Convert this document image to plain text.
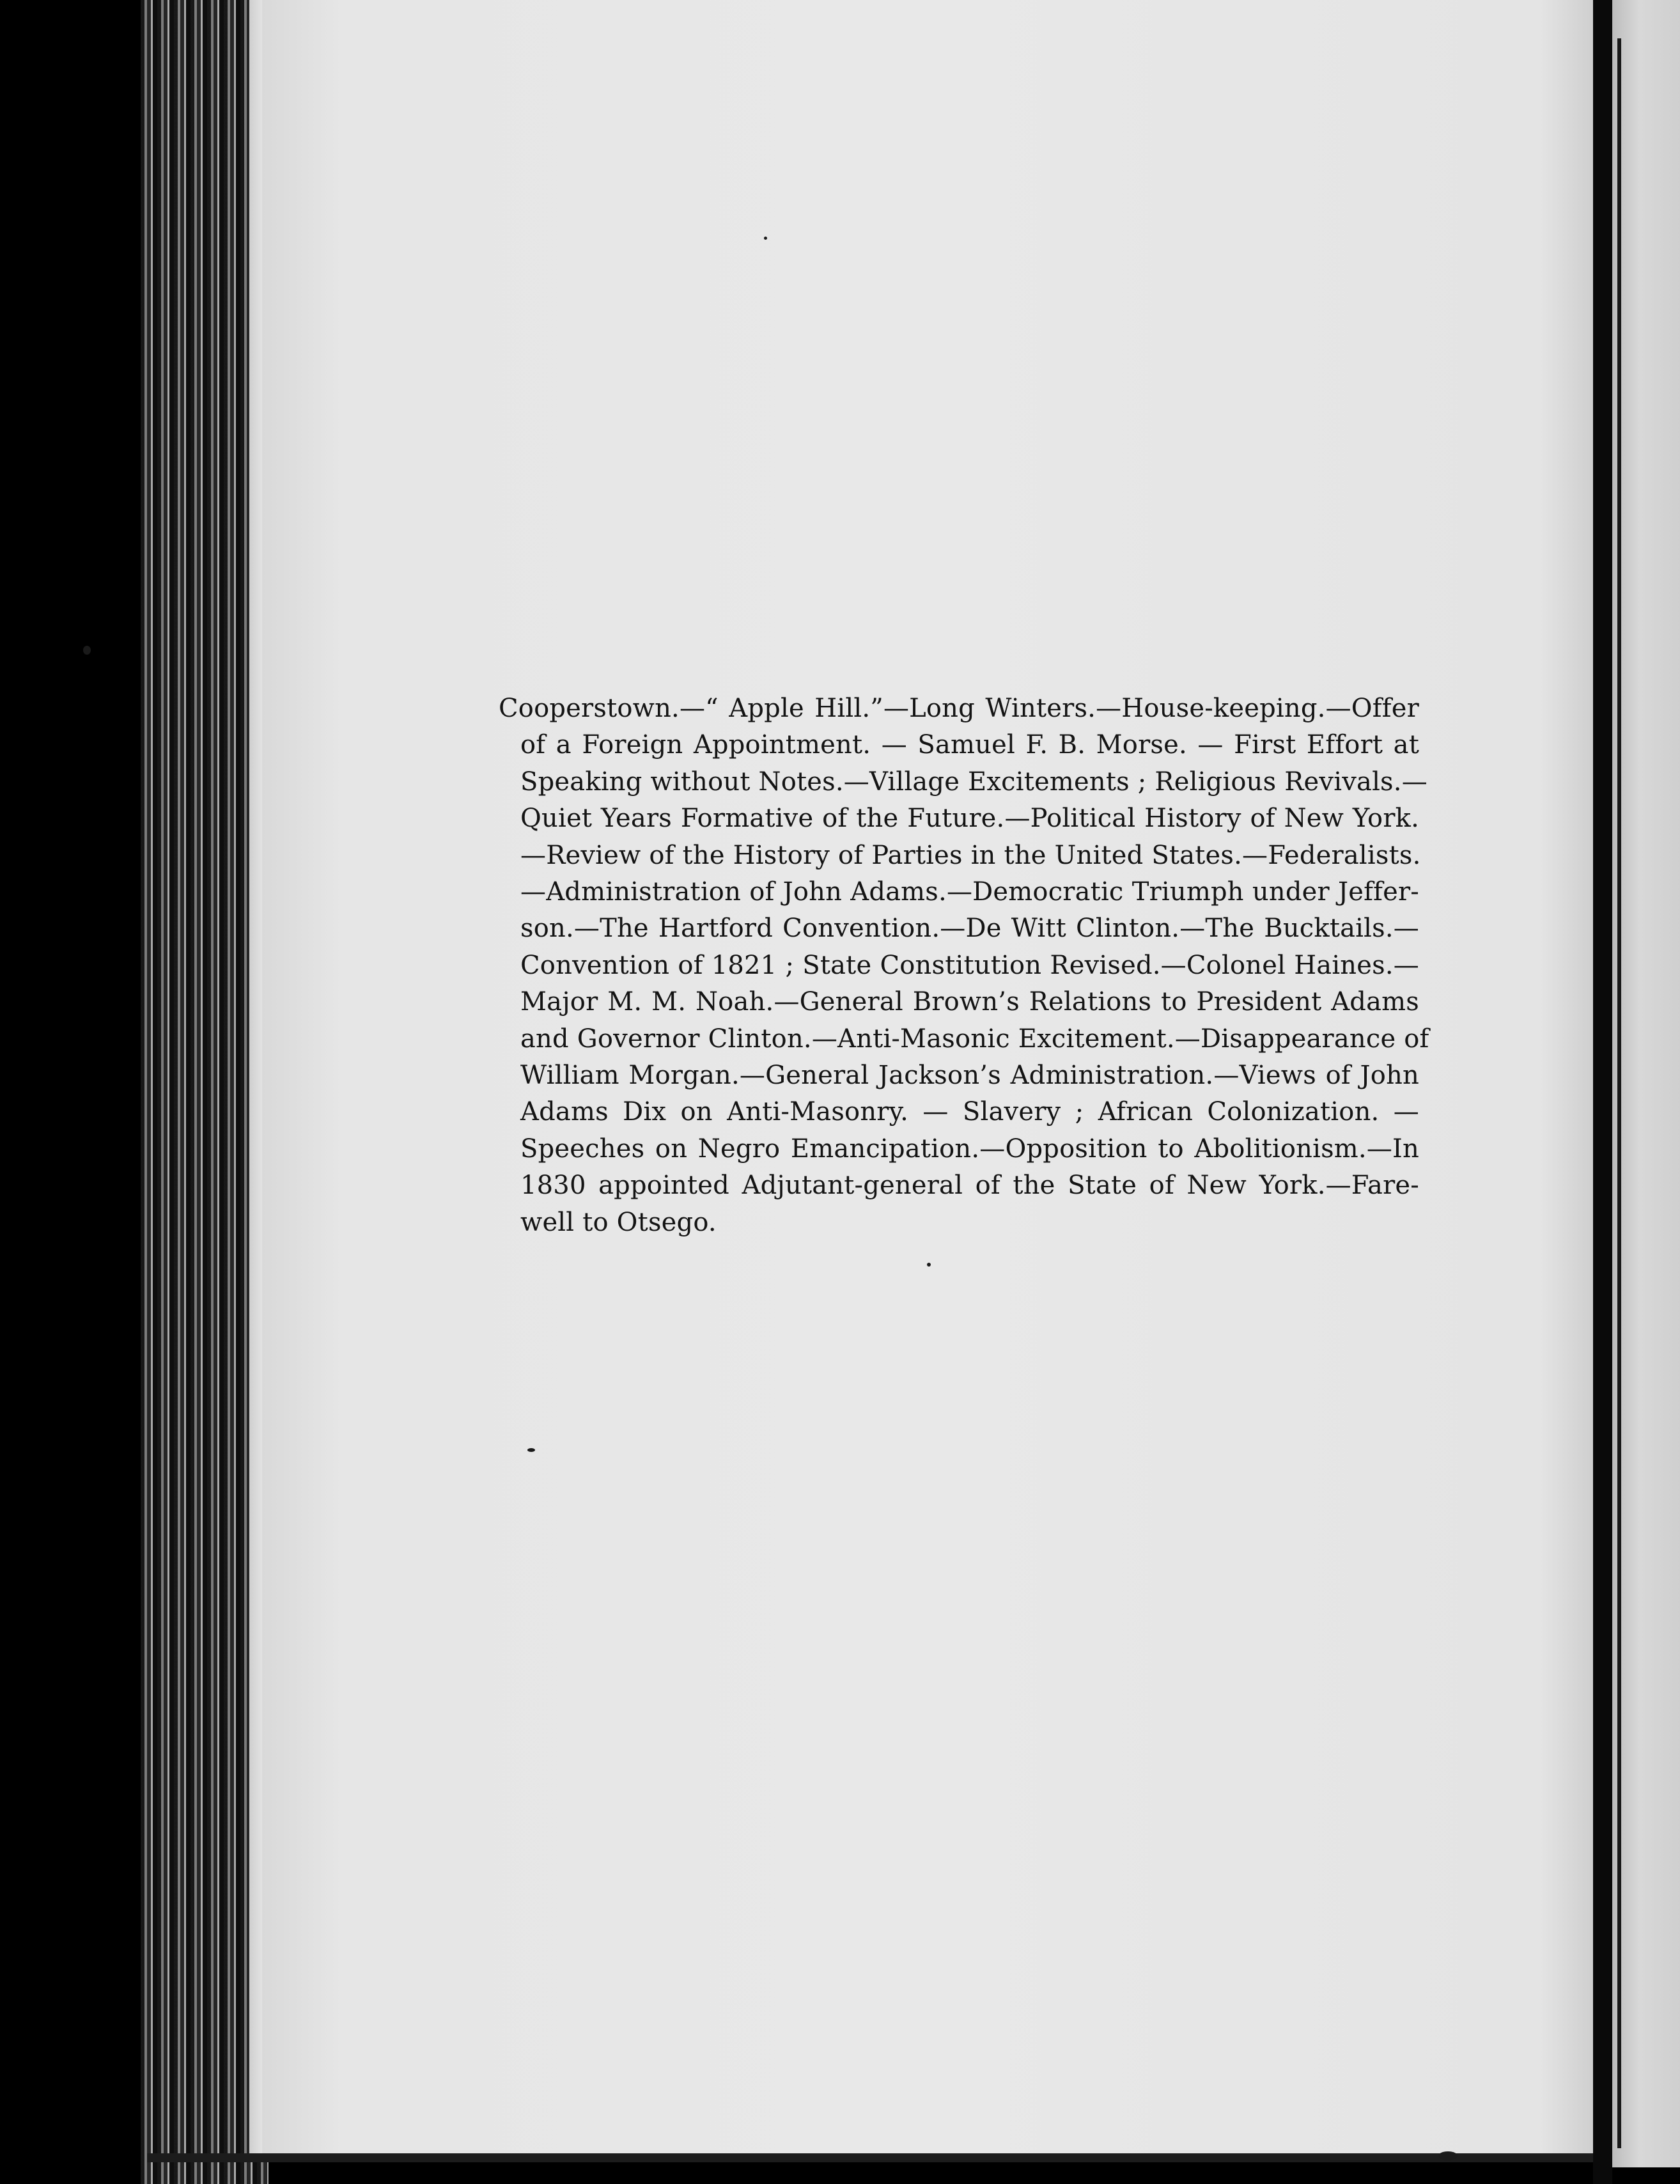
Cooperstown.—“ Apple Hill.”—Long Winters.—House-keeping.—Offer
of a Foreign Appointment. — Samuel F. B. Morse. — First Effort at
Speaking without Notes.—Village Excitements ; Religious Revivals.—
Quiet Years Formative of the Future.—Political History of New York.
—Review of the History of Parties in the United States.—Federalists.
—Administration of John Adams.—Democratic Triumph under Jeffer-
son.—The Hartford Convention.—De Witt Clinton.—The Bucktails.—
Convention of 1821 ; State Constitution Revised.—Colonel Haines.—
Major M. M. Noah.—General Brown’s Relations to President Adams
and Governor Clinton.—Anti-Masonic Excitement.—Disappearance of
William Morgan.—General Jackson’s Administration.—Views of John
Adams Dix on Anti-Masonry. — Slavery ; African Colonization. —
Speeches on Negro Emancipation.—Opposition to Abolitionism.—In
1830 appointed Adjutant-general of the State of New York.—Fare-
well to Otsego.
